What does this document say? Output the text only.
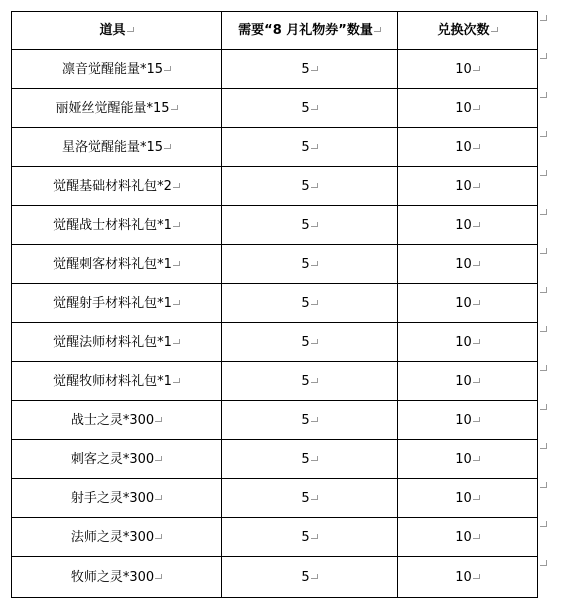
道具	需要“8 月礼物券”数量	兑换次数
凛音觉醒能量*15	5	10
丽娅丝觉醒能量*15	5	10
星洛觉醒能量*15	5	10
觉醒基础材料礼包*2	5	10
觉醒战士材料礼包*1	5	10
觉醒刺客材料礼包*1	5	10
觉醒射手材料礼包*1	5	10
觉醒法师材料礼包*1	5	10
觉醒牧师材料礼包*1	5	10
战士之灵*300	5	10
刺客之灵*300	5	10
射手之灵*300	5	10
法师之灵*300	5	10
牧师之灵*300	5	10
